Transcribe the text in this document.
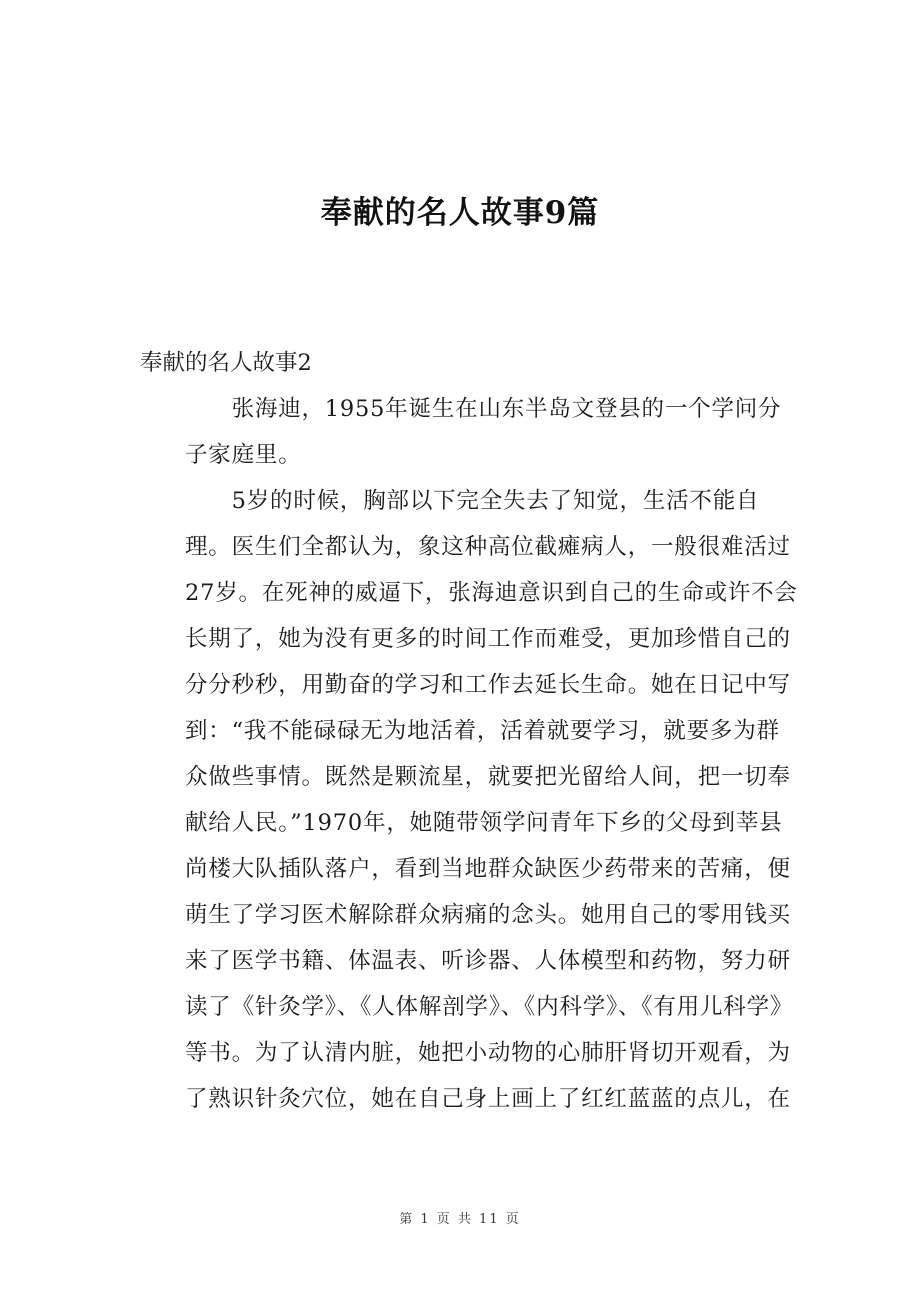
奉献的名人故事9篇
奉献的名人故事2
　　张海迪，1955年诞生在山东半岛文登县的一个学问分
子家庭里。
　　5岁的时候，胸部以下完全失去了知觉，生活不能自
理。医生们全都认为，象这种高位截瘫病人，一般很难活过
27岁。在死神的威逼下，张海迪意识到自己的生命或许不会
长期了，她为没有更多的时间工作而难受，更加珍惜自己的
分分秒秒，用勤奋的学习和工作去延长生命。她在日记中写
到：“我不能碌碌无为地活着，活着就要学习，就要多为群
众做些事情。既然是颗流星，就要把光留给人间，把一切奉
献给人民。”1970年，她随带领学问青年下乡的父母到莘县
尚楼大队插队落户，看到当地群众缺医少药带来的苦痛，便
萌生了学习医术解除群众病痛的念头。她用自己的零用钱买
来了医学书籍、体温表、听诊器、人体模型和药物，努力研
读了《针灸学》、《人体解剖学》、《内科学》、《有用儿科学》
等书。为了认清内脏，她把小动物的心肺肝肾切开观看，为
了熟识针灸穴位，她在自己身上画上了红红蓝蓝的点儿，在
第 1 页 共 11 页
